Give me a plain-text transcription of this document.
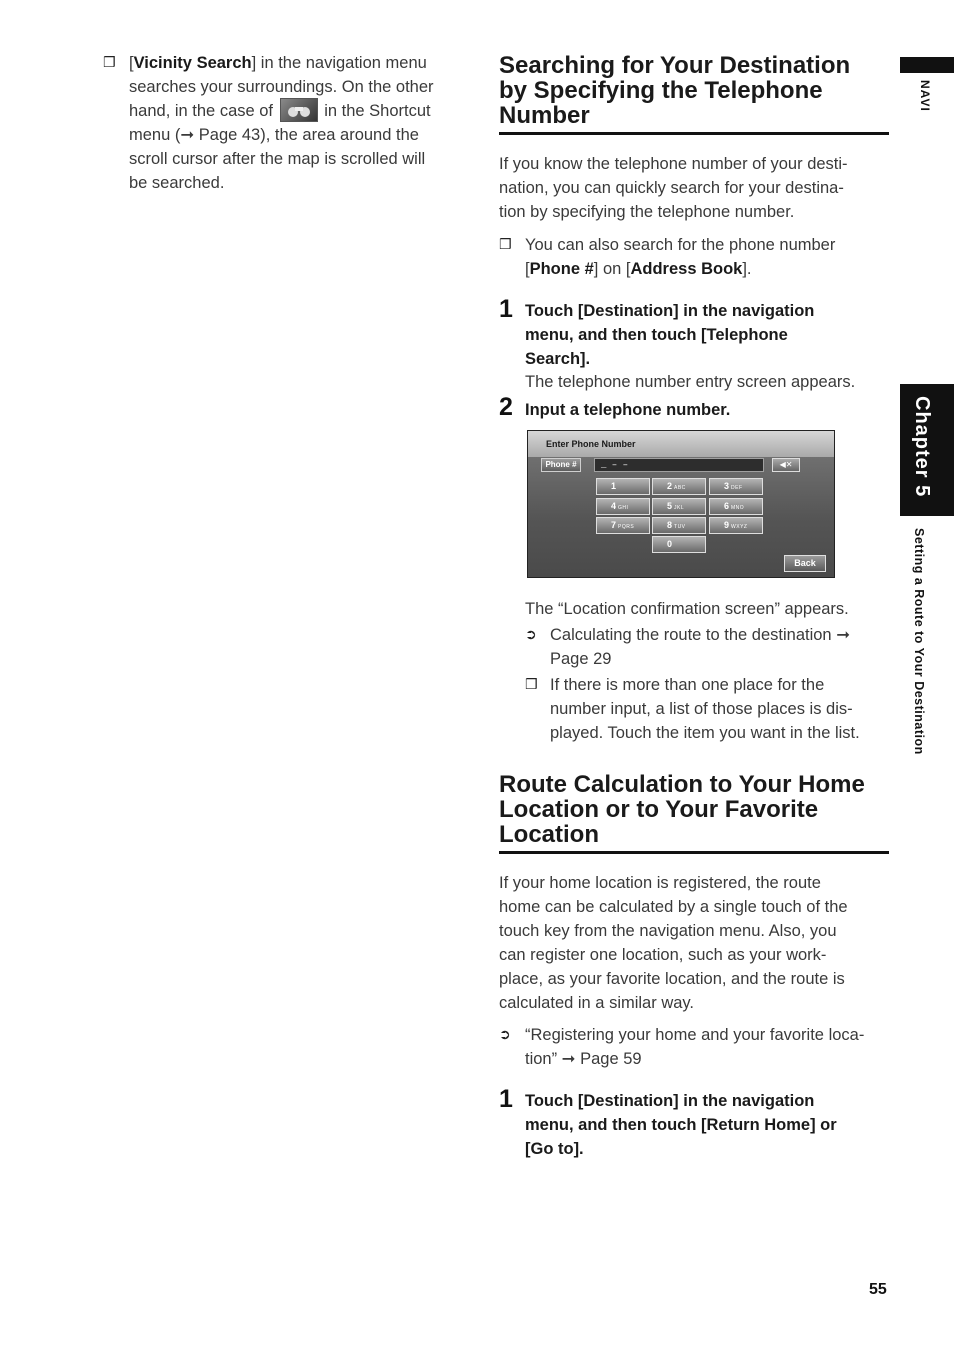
❒ [Vicinity Search] in the navigation menu
searches your surroundings. On the other
hand, in the case of	in the Shortcut
menu (➞ Page 43), the area around the
scroll cursor after the map is scrolled will
be searched.
Searching for Your Destination
by Specifying the Telephone
Number
If you know the telephone number of your desti-
nation, you can quickly search for your destina-
tion by specifying the telephone number.
❒ You can also search for the phone number
[Phone #] on [Address Book].
1 Touch [Destination] in the navigation
menu, and then touch [Telephone
Search].
The telephone number entry screen appears.
2 Input a telephone number.
Enter Phone Number
Phone #	_ – –	◀✕
1	2 ABC	3 DEF
4 GHI	5 JKL	6 MNO
7 PQRS	8 TUV	9 WXYZ
0
Back
The “Location confirmation screen” appears.
➲ Calculating the route to the destination ➞
Page 29
❒ If there is more than one place for the
number input, a list of those places is dis-
played. Touch the item you want in the list.
Route Calculation to Your Home
Location or to Your Favorite
Location
If your home location is registered, the route
home can be calculated by a single touch of the
touch key from the navigation menu. Also, you
can register one location, such as your work-
place, as your favorite location, and the route is
calculated in a similar way.
➲ “Registering your home and your favorite loca-
tion” ➞ Page 59
1 Touch [Destination] in the navigation
menu, and then touch [Return Home] or
[Go to].
NAVI
Chapter 5
Setting a Route to Your Destination
55
